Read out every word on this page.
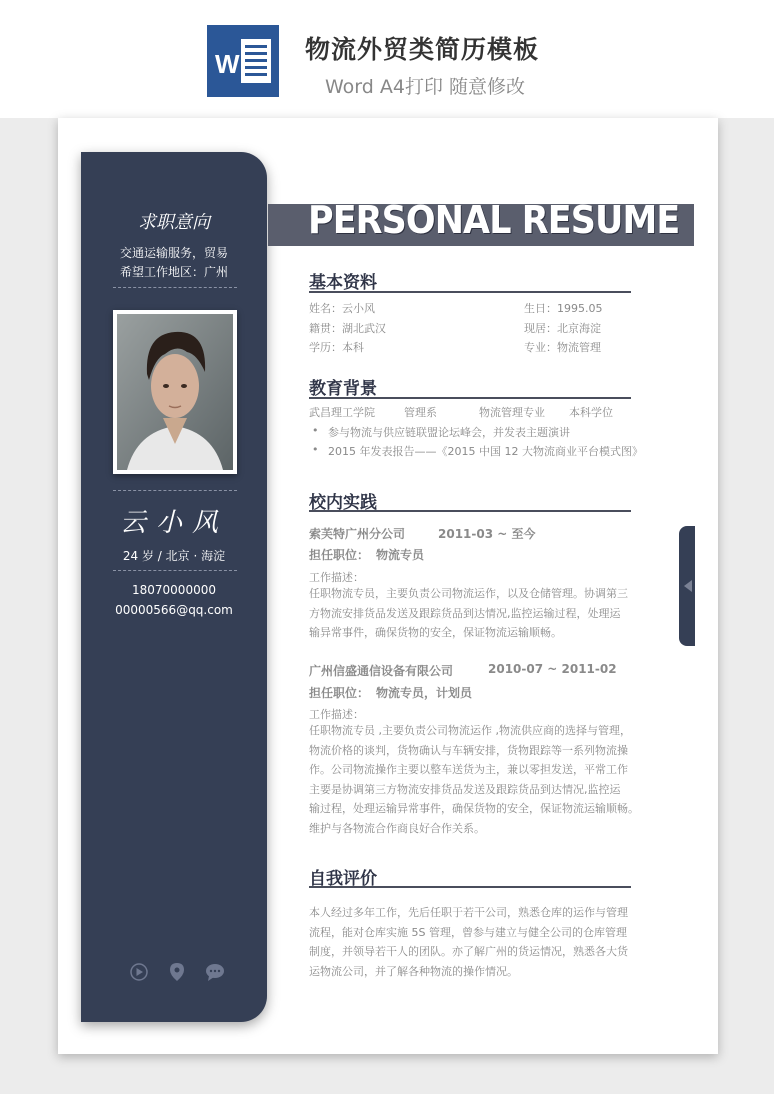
W	物流外贸类简历模板
Word A4打印 随意修改
求职意向
交通运输服务，贸易
希望工作地区：广州
云小风
24 岁 / 北京 · 海淀
18070000000
00000566@qq.com
PERSONAL RESUME
基本资料
姓名：云小风	生日：1995.05
籍贯：湖北武汉	现居：北京海淀
学历：本科	专业：物流管理
教育背景
武昌理工学院	管理系	物流管理专业 本科学位
• 参与物流与供应链联盟论坛峰会，并发表主题演讲
• 2015 年发表报告——《2015 中国 12 大物流商业平台模式图》
校内实践
索芙特广州分公司	2011-03 ~ 至今
担任职位： 物流专员
工作描述：

任职物流专员，主要负责公司物流运作，以及仓储管理。协调第三

方物流安排货品发送及跟踪货品到达情况,监控运输过程，处理运

输异常事件，确保货物的安全，保证物流运输顺畅。

广州信盛通信设备有限公司	2010-07 ~ 2011-02
担任职位： 物流专员，计划员
工作描述：

任职物流专员 ,主要负责公司物流运作 ,物流供应商的选择与管理，

物流价格的谈判，货物确认与车辆安排，货物跟踪等一系列物流操

作。公司物流操作主要以整车送货为主，兼以零担发送，平常工作

主要是协调第三方物流安排货品发送及跟踪货品到达情况,监控运

输过程，处理运输异常事件，确保货物的安全，保证物流运输顺畅。

维护与各物流合作商良好合作关系。

自我评价

本人经过多年工作，先后任职于若干公司，熟悉仓库的运作与管理

流程，能对仓库实施 5S 管理，曾参与建立与健全公司的仓库管理

制度，并领导若干人的团队。亦了解广州的货运情况，熟悉各大货

运物流公司，并了解各种物流的操作情况。
